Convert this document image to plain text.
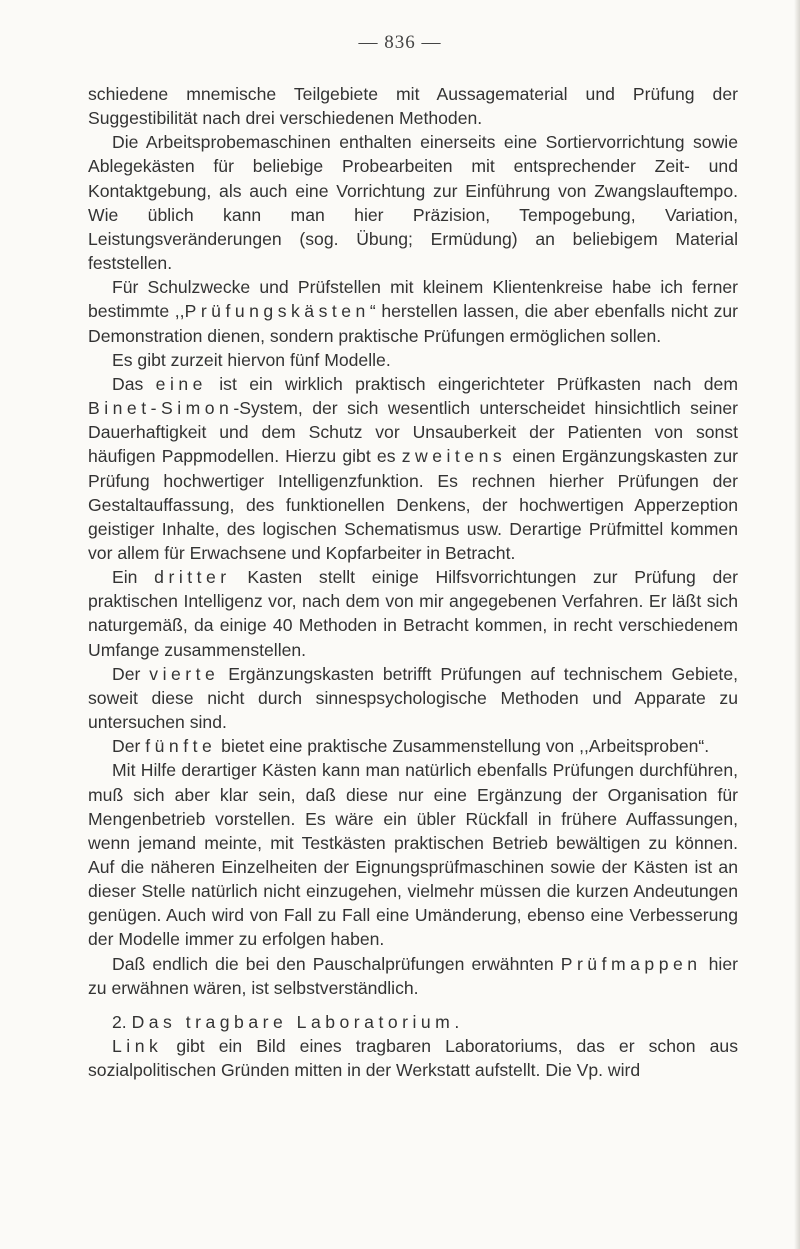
— 836 —

schiedene mnemische Teilgebiete mit Aussagematerial und Prüfung der Suggestibilität nach drei verschiedenen Methoden.

Die Arbeitsprobemaschinen enthalten einerseits eine Sortiervorrichtung sowie Ablegekästen für beliebige Probearbeiten mit entsprechender Zeit- und Kontaktgebung, als auch eine Vorrichtung zur Einführung von Zwangslauftempo. Wie üblich kann man hier Präzision, Tempogebung, Variation, Leistungsveränderungen (sog. Übung; Ermüdung) an beliebigem Material feststellen.

Für Schulzwecke und Prüfstellen mit kleinem Klientenkreise habe ich ferner bestimmte ,,Prüfungskästen“ herstellen lassen, die aber ebenfalls nicht zur Demonstration dienen, sondern praktische Prüfungen ermöglichen sollen.

Es gibt zurzeit hiervon fünf Modelle.

Das eine ist ein wirklich praktisch eingerichteter Prüfkasten nach dem Binet-Simon-System, der sich wesentlich unterscheidet hinsichtlich seiner Dauerhaftigkeit und dem Schutz vor Unsauberkeit der Patienten von sonst häufigen Pappmodellen. Hierzu gibt es zweitens einen Ergänzungskasten zur Prüfung hochwertiger Intelligenzfunktion. Es rechnen hierher Prüfungen der Gestaltauffassung, des funktionellen Denkens, der hochwertigen Apperzeption geistiger Inhalte, des logischen Schematismus usw. Derartige Prüfmittel kommen vor allem für Erwachsene und Kopfarbeiter in Betracht.

Ein dritter Kasten stellt einige Hilfsvorrichtungen zur Prüfung der praktischen Intelligenz vor, nach dem von mir angegebenen Verfahren. Er läßt sich naturgemäß, da einige 40 Methoden in Betracht kommen, in recht verschiedenem Umfange zusammenstellen.

Der vierte Ergänzungskasten betrifft Prüfungen auf technischem Gebiete, soweit diese nicht durch sinnespsychologische Methoden und Apparate zu untersuchen sind.

Der fünfte bietet eine praktische Zusammenstellung von ,,Arbeitsproben“.

Mit Hilfe derartiger Kästen kann man natürlich ebenfalls Prüfungen durchführen, muß sich aber klar sein, daß diese nur eine Ergänzung der Organisation für Mengenbetrieb vorstellen. Es wäre ein übler Rückfall in frühere Auffassungen, wenn jemand meinte, mit Testkästen praktischen Betrieb bewältigen zu können. Auf die näheren Einzelheiten der Eignungsprüfmaschinen sowie der Kästen ist an dieser Stelle natürlich nicht einzugehen, vielmehr müssen die kurzen Andeutungen genügen. Auch wird von Fall zu Fall eine Umänderung, ebenso eine Verbesserung der Modelle immer zu erfolgen haben.

Daß endlich die bei den Pauschalprüfungen erwähnten Prüfmappen hier zu erwähnen wären, ist selbstverständlich.

2. Das tragbare Laboratorium.

Link gibt ein Bild eines tragbaren Laboratoriums, das er schon aus sozialpolitischen Gründen mitten in der Werkstatt aufstellt. Die Vp. wird
